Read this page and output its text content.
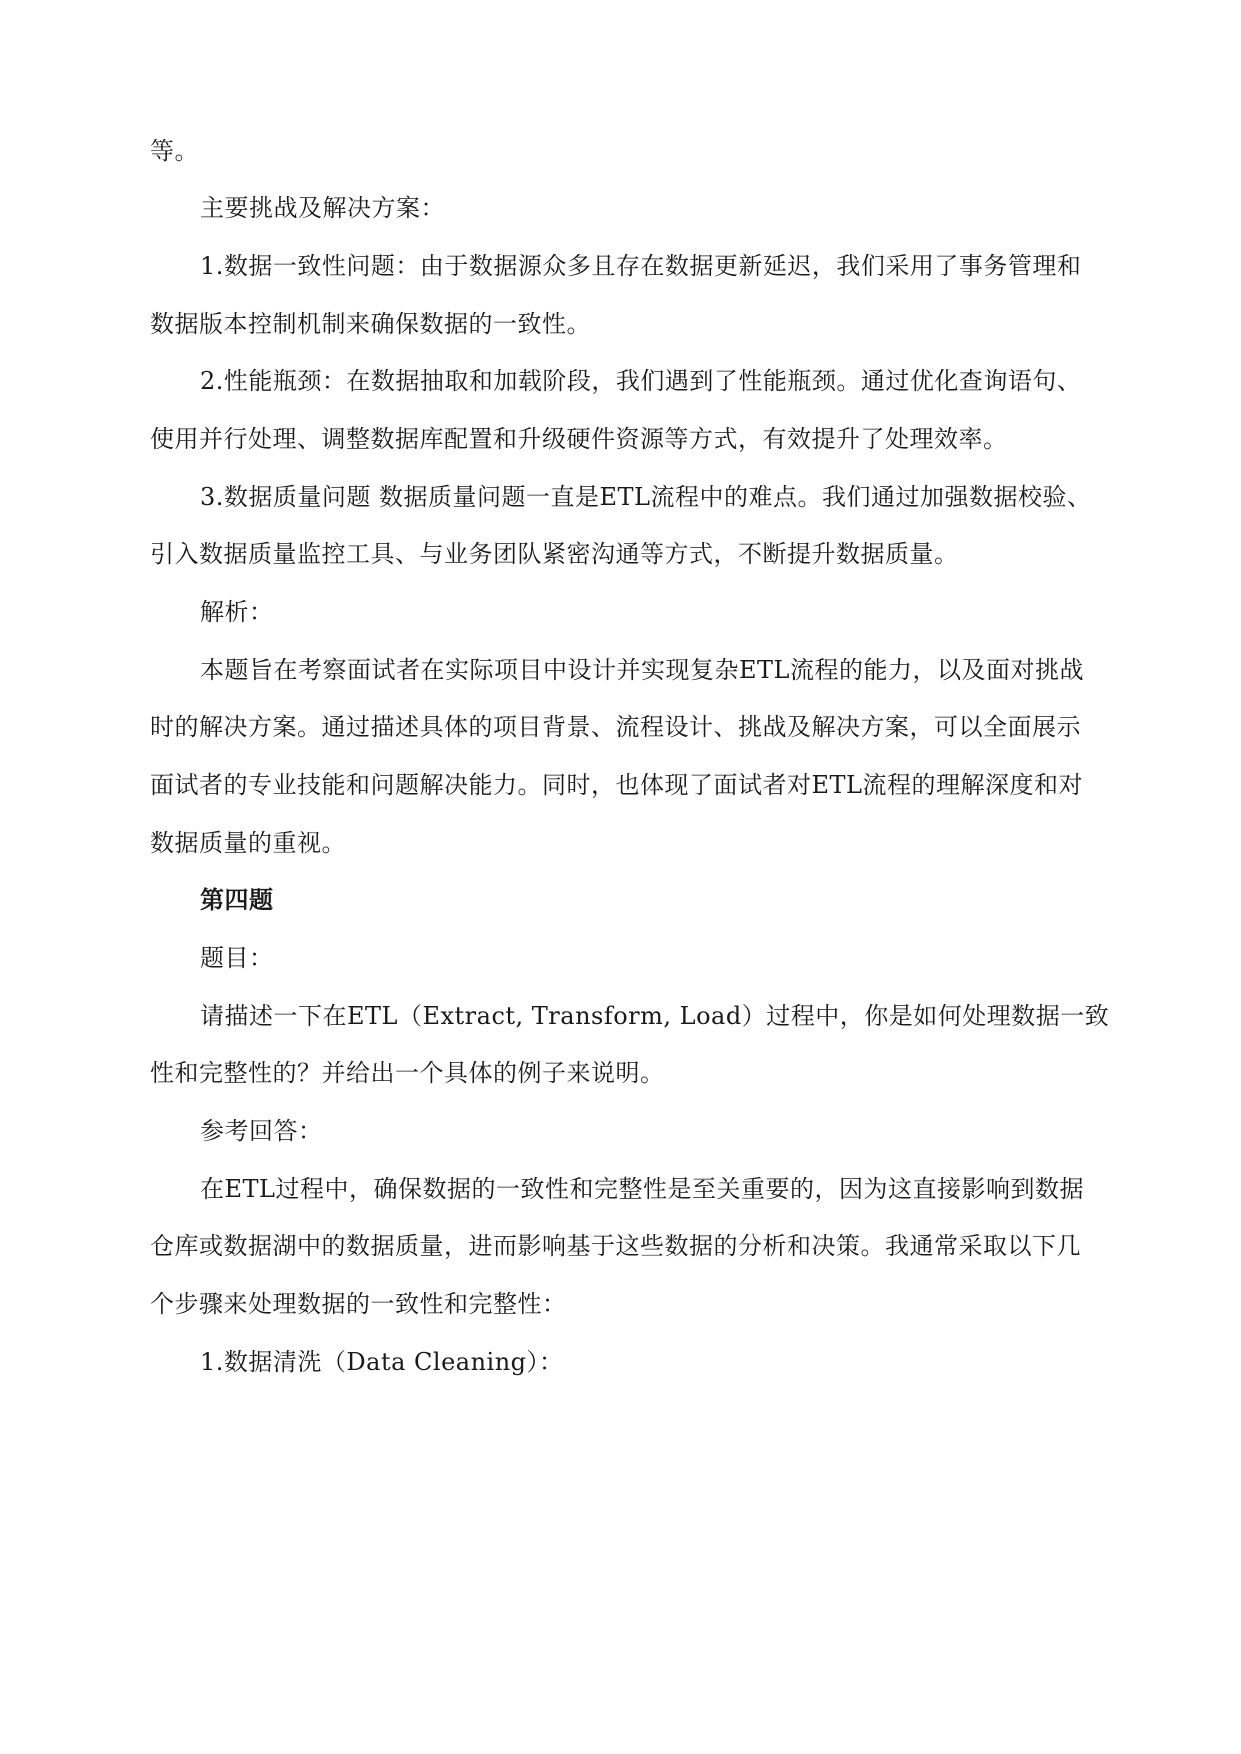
等。
主要挑战及解决方案：
1.数据一致性问题：由于数据源众多且存在数据更新延迟，我们采用了事务管理和
数据版本控制机制来确保数据的一致性。
2.性能瓶颈：在数据抽取和加载阶段，我们遇到了性能瓶颈。通过优化查询语句、
使用并行处理、调整数据库配置和升级硬件资源等方式，有效提升了处理效率。
3.数据质量问题 数据质量问题一直是ETL流程中的难点。我们通过加强数据校验、
引入数据质量监控工具、与业务团队紧密沟通等方式，不断提升数据质量。
解析：
本题旨在考察面试者在实际项目中设计并实现复杂ETL流程的能力，以及面对挑战
时的解决方案。通过描述具体的项目背景、流程设计、挑战及解决方案，可以全面展示
面试者的专业技能和问题解决能力。同时，也体现了面试者对ETL流程的理解深度和对
数据质量的重视。
第四题
题目：
请描述一下在ETL（Extract, Transform, Load）过程中，你是如何处理数据一致
性和完整性的？并给出一个具体的例子来说明。
参考回答：
在ETL过程中，确保数据的一致性和完整性是至关重要的，因为这直接影响到数据
仓库或数据湖中的数据质量，进而影响基于这些数据的分析和决策。我通常采取以下几
个步骤来处理数据的一致性和完整性：
1.数据清洗（Data Cleaning）：
